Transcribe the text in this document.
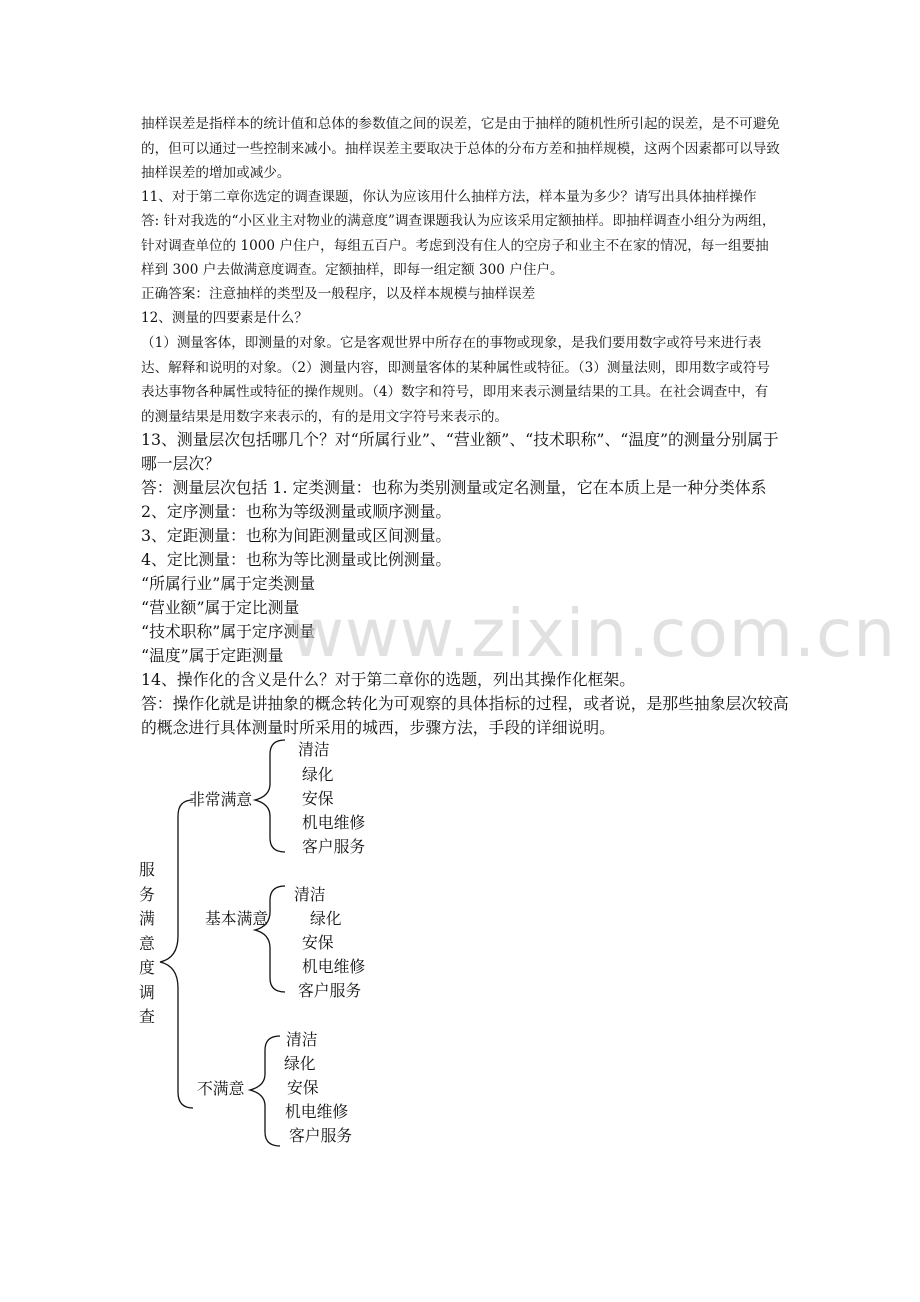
抽样误差是指样本的统计值和总体的参数值之间的误差，它是由于抽样的随机性所引起的误差，是不可避免的，但可以通过一些控制来减小。抽样误差主要取决于总体的分布方差和抽样规模，这两个因素都可以导致抽样误差的增加或减少。

11、对于第二章你选定的调查课题，你认为应该用什么抽样方法，样本量为多少？请写出具体抽样操作

答: 针对我选的“小区业主对物业的满意度”调查课题我认为应该采用定额抽样。即抽样调查小组分为两组，针对调查单位的 1000 户住户，每组五百户。考虑到没有住人的空房子和业主不在家的情况，每一组要抽样到 300 户去做满意度调查。定额抽样，即每一组定额 300 户住户。

正确答案：注意抽样的类型及一般程序，以及样本规模与抽样误差

12、测量的四要素是什么？

（1）测量客体，即测量的对象。它是客观世界中所存在的事物或现象，是我们要用数字或符号来进行表达、解释和说明的对象。（2）测量内容，即测量客体的某种属性或特征。（3）测量法则，即用数字或符号表达事物各种属性或特征的操作规则。（4）数字和符号，即用来表示测量结果的工具。在社会调查中，有的测量结果是用数字来表示的，有的是用文字符号来表示的。

13、测量层次包括哪几个？对“所属行业”、“营业额”、“技术职称”、“温度”的测量分别属于哪一层次？

答：测量层次包括 1. 定类测量：也称为类别测量或定名测量，它在本质上是一种分类体系

2、定序测量：也称为等级测量或顺序测量。

3、定距测量：也称为间距测量或区间测量。

4、定比测量：也称为等比测量或比例测量。

“所属行业”属于定类测量

“营业额”属于定比测量

“技术职称”属于定序测量

“温度”属于定距测量

14、操作化的含义是什么？对于第二章你的选题，列出其操作化框架。

答：操作化就是讲抽象的概念转化为可观察的具体指标的过程，或者说，是那些抽象层次较高的概念进行具体测量时所采用的城西，步骤方法，手段的详细说明。

www.zixin.com.cn
服
务
满
意
度
调
查
非常满意
基本满意
不满意
清洁
绿化
安保
机电维修
客户服务
清洁
绿化
安保
机电维修
客户服务
清洁
绿化
安保
机电维修
客户服务
